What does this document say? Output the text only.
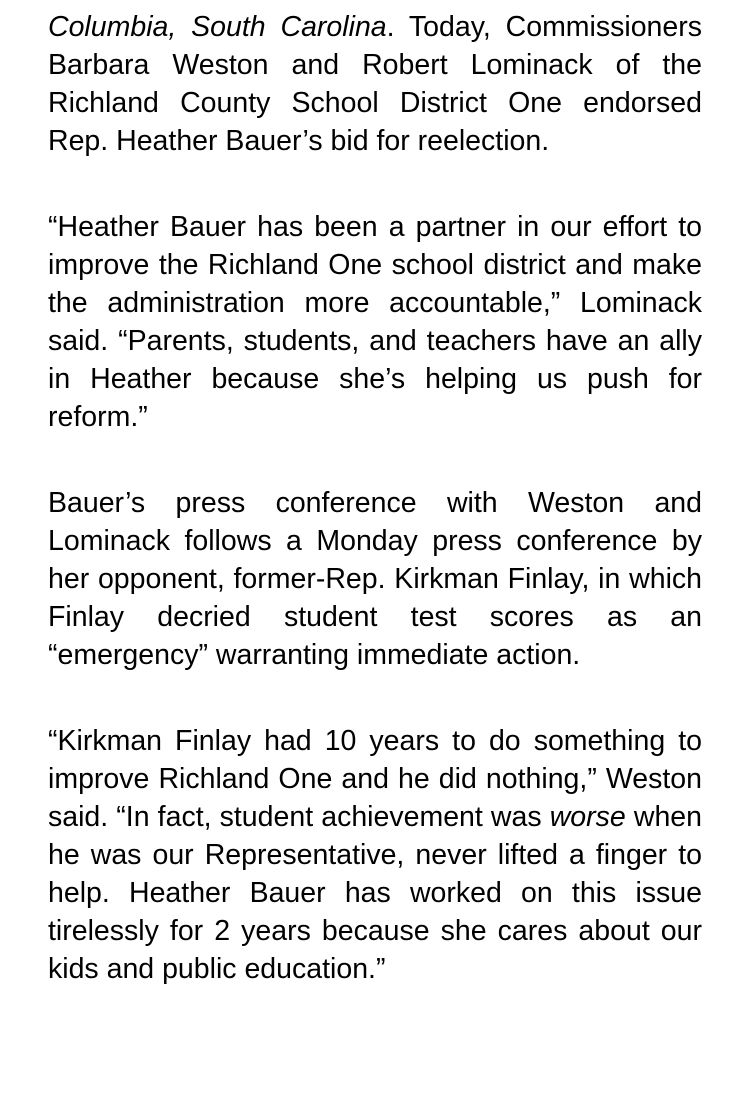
Columbia, South Carolina. Today, Commissioners Barbara Weston and Robert Lominack of the Richland County School District One endorsed Rep. Heather Bauer’s bid for reelection.

“Heather Bauer has been a partner in our effort to improve the Richland One school district and make the administration more accountable,” Lominack said. “Parents, students, and teachers have an ally in Heather because she’s helping us push for reform.”

Bauer’s press conference with Weston and Lominack follows a Monday press conference by her opponent, former-Rep. Kirkman Finlay, in which Finlay decried student test scores as an “emergency” warranting immediate action.

“Kirkman Finlay had 10 years to do something to improve Richland One and he did nothing,” Weston said. “In fact, student achievement was worse when he was our Representative, never lifted a finger to help. Heather Bauer has worked on this issue tirelessly for 2 years because she cares about our kids and public education.”
